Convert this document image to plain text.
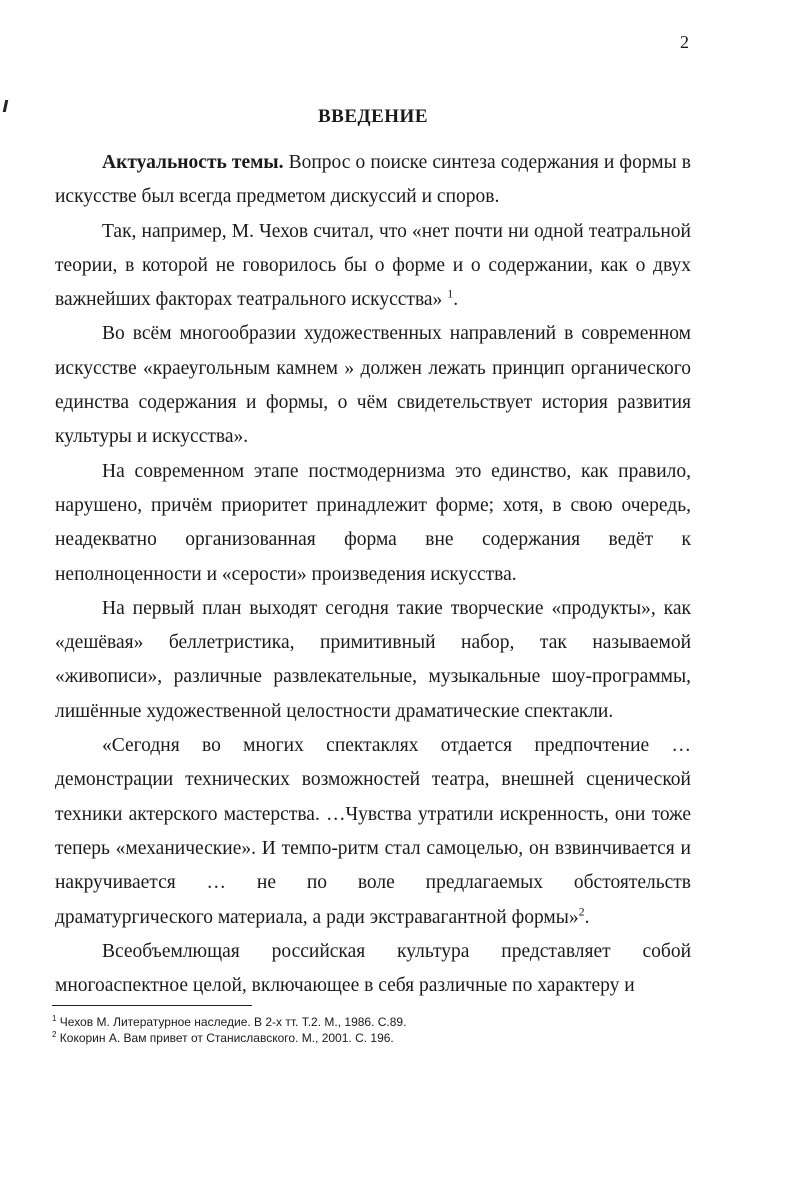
2
ВВЕДЕНИЕ

Актуальность темы. Вопрос о поиске синтеза содержания и формы в искусстве был всегда предметом дискуссий и споров.

Так, например, М. Чехов считал, что «нет почти ни одной театральной теории, в которой не говорилось бы о форме и о содержании, как о двух важнейших факторах театрального искусства» $^1$.

Во всём многообразии художественных направлений в современном искусстве «краеугольным камнем » должен лежать принцип органического единства содержания и формы, о чём свидетельствует история развития культуры и искусства».

На современном этапе постмодернизма это единство, как правило, нарушено, причём приоритет принадлежит форме; хотя, в свою очередь, неадекватно организованная форма вне содержания ведёт к неполноценности и «серости» произведения искусства.

На первый план выходят сегодня такие творческие «продукты», как «дешёвая» беллетристика, примитивный набор, так называемой «живописи», различные развлекательные, музыкальные шоу-программы, лишённые художественной целостности драматические спектакли.

«Сегодня во многих спектаклях отдается предпочтение … демонстрации технических возможностей театра, внешней сценической техники актерского мастерства. …Чувства утратили искренность, они тоже теперь «механические». И темпо-ритм стал самоцелью, он взвинчивается и накручивается … не по воле предлагаемых обстоятельств драматургического материала, а ради экстравагантной формы»$^2$.

Всеобъемлющая российская культура представляет собой многоаспектное целой, включающее в себя различные по характеру и

$^1$ Чехов М. Литературное наследие. В 2-х тт. Т.2. М., 1986. С.89.
$^2$ Кокорин А. Вам привет от Станиславского. М., 2001. С. 196.
